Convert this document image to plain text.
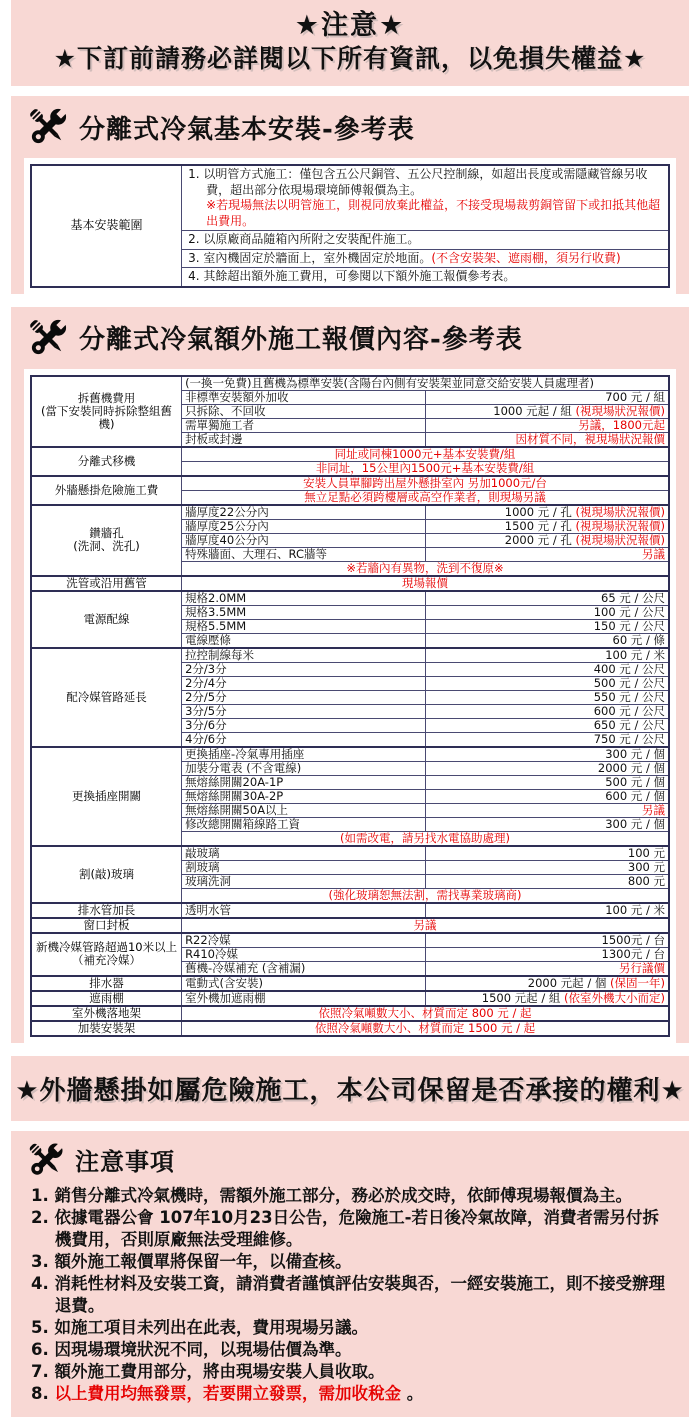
★注意★
★下訂前請務必詳閱以下所有資訊，以免損失權益★
分離式冷氣基本安裝-參考表
基本安裝範圍	
1. 以明管方式施工：僅包含五公尺銅管、五公尺控制線，如超出長度或需隱藏管線另收費，超出部分依現場環境師傅報價為主。
※若現場無法以明管施工，則視同放棄此權益，不接受現場裁剪銅管留下或扣抵其他超出費用。

2. 以原廠商品隨箱內所附之安裝配件施工。

3. 室內機固定於牆面上，室外機固定於地面。(不含安裝架、遮雨棚，須另行收費)

4. 其餘超出額外施工費用，可參閱以下額外施工報價參考表。
分離式冷氣額外施工報價內容-參考表
拆舊機費用
(當下安裝同時拆除整組舊機)	(一換一免費)且舊機為標準安裝(含陽台內側有安裝架並同意交給安裝人員處理者)	
	非標準安裝額外加收	700 元 / 組
	只拆除、不回收	1000 元起 / 組 (視現場狀況報價)
	需單獨施工者	另議，1800元起
	封板或封邊	因材質不同，視現場狀況報價

分離式移機	同址或同棟1000元+基本安裝費/組	
	非同址，15公里內1500元+基本安裝費/組	

外牆懸掛危險施工費	安裝人員單腳跨出屋外懸掛室內 另加1000元/台	
	無立足點必須跨樓層或高空作業者，則現場另議	

鑽牆孔
(洗洞、洗孔)	牆厚度22公分內	1000 元 / 孔 (視現場狀況報價)
	牆厚度25公分內	1500 元 / 孔 (視現場狀況報價)
	牆厚度40公分內	2000 元 / 孔 (視現場狀況報價)
	特殊牆面、大理石、RC牆等	另議
	※若牆內有異物，洗到不復原※	

洗管或沿用舊管	現場報價	

電源配線	規格2.0MM	65 元 / 公尺
	規格3.5MM	100 元 / 公尺
	規格5.5MM	150 元 / 公尺
	電線壓條	60 元 / 條

配冷媒管路延長	拉控制線每米	100 元 / 米
	2分/3分	400 元 / 公尺
	2分/4分	500 元 / 公尺
	2分/5分	550 元 / 公尺
	3分/5分	600 元 / 公尺
	3分/6分	650 元 / 公尺
	4分/6分	750 元 / 公尺

更換插座開關	更換插座-冷氣專用插座	300 元 / 個
	加裝分電表 (不含電線)	2000 元 / 個
	無熔絲開關20A-1P	500 元 / 個
	無熔絲開關30A-2P	600 元 / 個
	無熔絲開關50A以上	另議
	修改總開關箱線路工資	300 元 / 個
	(如需改電，請另找水電協助處理)	

割(敲)玻璃	敲玻璃	100 元
	割玻璃	300 元
	玻璃洗洞	800 元
	(強化玻璃恕無法割，需找專業玻璃商)	

排水管加長	透明水管	100 元 / 米

窗口封板	另議	

新機冷媒管路超過10米以上
（補充冷媒）	R22冷媒	1500元 / 台
	R410冷媒	1300元 / 台
	舊機-冷媒補充 (含補漏)	另行議價

排水器	電動式(含安裝)	2000 元起 / 個 (保固一年)

遮雨棚	室外機加遮雨棚	1500 元起 / 組 (依室外機大小而定)

室外機落地架	依照冷氣噸數大小、材質而定 800 元 / 起	

加裝安裝架	依照冷氣噸數大小、材質而定 1500 元 / 起	
★外牆懸掛如屬危險施工，本公司保留是否承接的權利★
注意事項
1. 銷售分離式冷氣機時，需額外施工部分，務必於成交時，依師傅現場報價為主。
2. 依據電器公會 107年10月23日公告，危險施工-若日後冷氣故障，消費者需另付拆機費用，否則原廠無法受理維修。
3. 額外施工報價單將保留一年，以備查核。
4. 消耗性材料及安裝工資，請消費者謹慎評估安裝與否，一經安裝施工，則不接受辦理退費。
5. 如施工項目未列出在此表，費用現場另議。
6. 因現場環境狀況不同，以現場估價為準。
7. 額外施工費用部分，將由現場安裝人員收取。
8. 以上費用均無發票，若要開立發票，需加收稅金 。
